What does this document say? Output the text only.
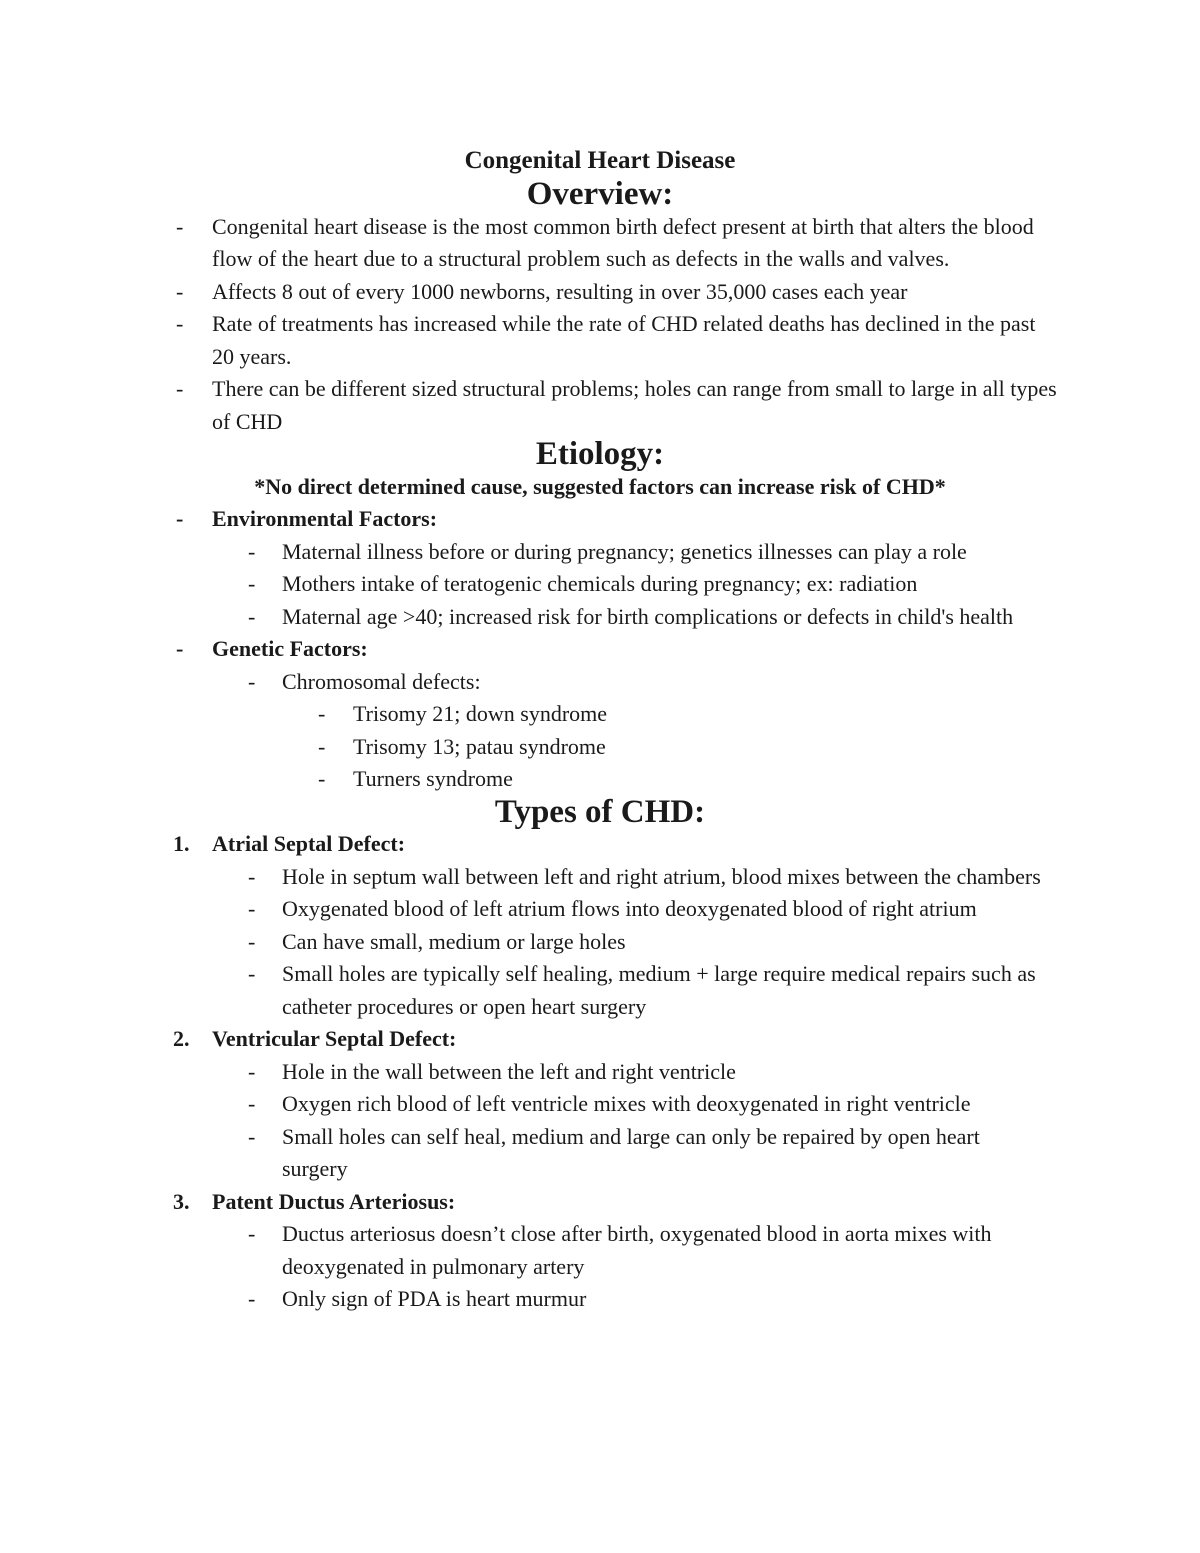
Congenital Heart Disease
Overview:
- Congenital heart disease is the most common birth defect present at birth that alters the blood flow of the heart due to a structural problem such as defects in the walls and valves.
- Affects 8 out of every 1000 newborns, resulting in over 35,000 cases each year
- Rate of treatments has increased while the rate of CHD related deaths has declined in the past 20 years.
- There can be different sized structural problems; holes can range from small to large in all types of CHD
Etiology:

*No direct determined cause, suggested factors can increase risk of CHD*

- Environmental Factors:
- Maternal illness before or during pregnancy; genetics illnesses can play a role
- Mothers intake of teratogenic chemicals during pregnancy; ex: radiation
- Maternal age >40; increased risk for birth complications or defects in child's health
- Genetic Factors:
- Chromosomal defects:
- Trisomy 21; down syndrome
- Trisomy 13; patau syndrome
- Turners syndrome
Types of CHD:
1. Atrial Septal Defect:
- Hole in septum wall between left and right atrium, blood mixes between the chambers
- Oxygenated blood of left atrium flows into deoxygenated blood of right atrium
- Can have small, medium or large holes
- Small holes are typically self healing, medium + large require medical repairs such as catheter procedures or open heart surgery
2. Ventricular Septal Defect:
- Hole in the wall between the left and right ventricle
- Oxygen rich blood of left ventricle mixes with deoxygenated in right ventricle
- Small holes can self heal, medium and large can only be repaired by open heart surgery
3. Patent Ductus Arteriosus:
- Ductus arteriosus doesn’t close after birth, oxygenated blood in aorta mixes with deoxygenated in pulmonary artery
- Only sign of PDA is heart murmur
